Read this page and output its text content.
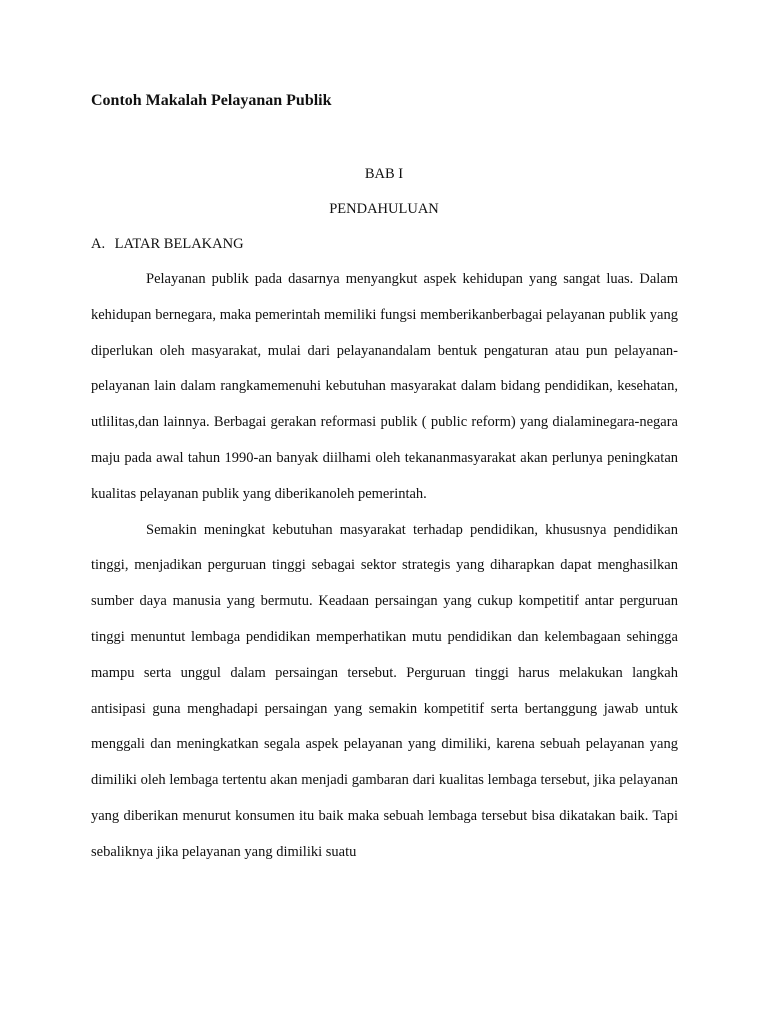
Contoh Makalah Pelayanan Publik
BAB I
PENDAHULUAN
A. LATAR BELAKANG

Pelayanan publik pada dasarnya menyangkut aspek kehidupan yang sangat luas. Dalam kehidupan bernegara, maka pemerintah memiliki fungsi memberikanberbagai pelayanan publik yang diperlukan oleh masyarakat, mulai dari pelayanandalam bentuk pengaturan atau pun pelayanan-pelayanan lain dalam rangkamemenuhi kebutuhan masyarakat dalam bidang pendidikan, kesehatan, utlilitas,dan lainnya. Berbagai gerakan reformasi publik ( public reform) yang dialaminegara-negara maju pada awal tahun 1990-an banyak diilhami oleh tekananmasyarakat akan perlunya peningkatan kualitas pelayanan publik yang diberikanoleh pemerintah.

Semakin meningkat kebutuhan masyarakat terhadap pendidikan, khususnya pendidikan tinggi, menjadikan perguruan tinggi sebagai sektor strategis yang diharapkan dapat menghasilkan sumber daya manusia yang bermutu. Keadaan persaingan yang cukup kompetitif antar perguruan tinggi menuntut lembaga pendidikan memperhatikan mutu pendidikan dan kelembagaan sehingga mampu serta unggul dalam persaingan tersebut. Perguruan tinggi harus melakukan langkah antisipasi guna menghadapi persaingan yang semakin kompetitif serta bertanggung jawab untuk menggali dan meningkatkan segala aspek pelayanan yang dimiliki, karena sebuah pelayanan yang dimiliki oleh lembaga tertentu akan menjadi gambaran dari kualitas lembaga tersebut, jika pelayanan yang diberikan menurut konsumen itu baik maka sebuah lembaga tersebut bisa dikatakan baik. Tapi sebaliknya jika pelayanan yang dimiliki suatu
